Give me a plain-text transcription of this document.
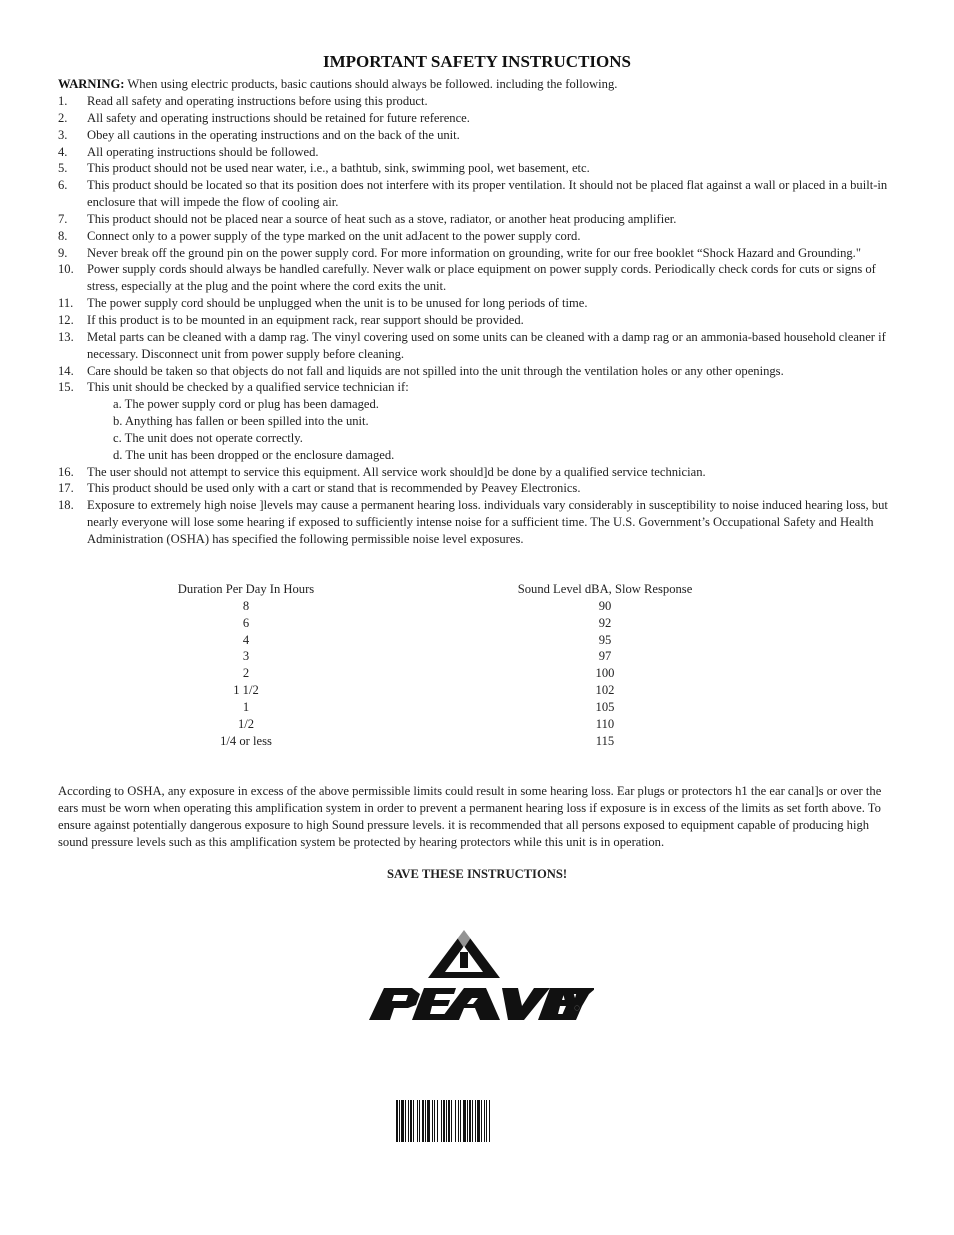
IMPORTANT SAFETY INSTRUCTIONS
WARNING: When using electric products, basic cautions should always be followed. including the following.
1. Read all safety and operating instructions before using this product.
2. All safety and operating instructions should be retained for future reference.
3. Obey all cautions in the operating instructions and on the back of the unit.
4. All operating instructions should be followed.
5. This product should not be used near water, i.e., a bathtub, sink, swimming pool, wet basement, etc.
6. This product should be located so that its position does not interfere with its proper ventilation. It should not be placed flat against a wall or placed in a built-in enclosure that will impede the flow of cooling air.
7. This product should not be placed near a source of heat such as a stove, radiator, or another heat producing amplifier.
8. Connect only to a power supply of the type marked on the unit adJacent to the power supply cord.
9. Never break off the ground pin on the power supply cord. For more information on grounding, write for our free booklet “Shock Hazard and Grounding."
10. Power supply cords should always be handled carefully. Never walk or place equipment on power supply cords. Periodically check cords for cuts or signs of stress, especially at the plug and the point where the cord exits the unit.
11. The power supply cord should be unplugged when the unit is to be unused for long periods of time.
12. If this product is to be mounted in an equipment rack, rear support should be provided.
13. Metal parts can be cleaned with a damp rag. The vinyl covering used on some units can be cleaned with a damp rag or an ammonia-based household cleaner if necessary. Disconnect unit from power supply before cleaning.
14. Care should be taken so that objects do not fall and liquids are not spilled into the unit through the ventilation holes or any other openings.
15. This unit should be checked by a qualified service technician if:
a. The power supply cord or plug has been damaged.
b. Anything has fallen or been spilled into the unit.
c. The unit does not operate correctly.
d. The unit has been dropped or the enclosure damaged.
16. The user should not attempt to service this equipment. All service work should]d be done by a qualified service technician.
17. This product should be used only with a cart or stand that is recommended by Peavey Electronics.
18. Exposure to extremely high noise ]levels may cause a permanent hearing loss. individuals vary considerably in susceptibility to noise induced hearing loss, but nearly everyone will lose some hearing if exposed to sufficiently intense noise for a sufficient time. The U.S. Government’s Occupational Safety and Health Administration (OSHA) has specified the following permissible noise level exposures.
Duration Per Day In Hours
8
6
4
3
2
1 1/2
1
1/2
1/4 or less
Sound Level dBA, Slow Response
90
92
95
97
100
102
105
110
115
According to OSHA, any exposure in excess of the above permissible limits could result in some hearing loss. Ear plugs or protectors h1 the ear canal]s or over the ears must be worn when operating this amplification system in order to prevent a permanent hearing loss if exposure is in excess of the limits as set forth above. To ensure against potentially dangerous exposure to high Sound pressure levels. it is recommended that all persons exposed to equipment capable of producing high sound pressure levels such as this amplification system be protected by hearing protectors while this unit is in operation.
SAVE THESE INSTRUCTIONS!
